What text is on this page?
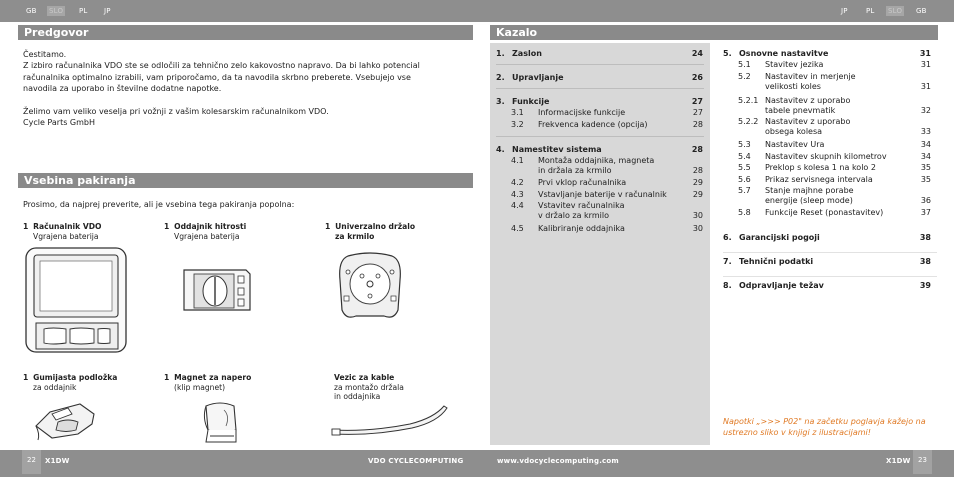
GB SLO PL JP	JP	PL SLO GB
Predgovor
Čestitamo.
Z izbiro računalnika VDO ste se odločili za tehnično zelo kakovostno napravo. Da bi lahko potencial
računalnika optimalno izrabili, vam priporočamo, da ta navodila skrbno preberete. Vsebujejo vse
navodila za uporabo in številne dodatne napotke.
Želimo vam veliko veselja pri vožnji z vašim kolesarskim računalnikom VDO.
Cycle Parts GmbH
Vsebina pakiranja
Prosimo, da najprej preverite, ali je vsebina tega pakiranja popolna:
1 Računalnik VDO
Vgrajena baterija
1 Oddajnik hitrosti
Vgrajena baterija
1 Univerzalno držalo
za krmilo
1 Gumijasta podložka
za oddajnik
1 Magnet za napero
(klip magnet)
Vezic za kable
za montažo držala
in oddajnika
22	X1DW	VDO CYCLECOMPUTING	www.vdocyclecomputing.com	X1DW	23
Kazalo
1. Zaslon	24
2. Upravljanje	26
3. Funkcije	27
3.1 Informacijske funkcije	27
3.2 Frekvenca kadence (opcija)	28
4. Namestitev sistema	28
4.1 Montaža oddajnika, magneta
in držala za krmilo	28
4.2 Prvi vklop računalnika	29
4.3 Vstavljanje baterije v računalnik	29
4.4 Vstavitev računalnika
v držalo za krmilo	30
4.5 Kalibriranje oddajnika	30
5. Osnovne nastavitve	31
5.1 Stavitev jezika	31
5.2 Nastavitev in merjenje
velikosti koles	31
5.2.1 Nastavitev z uporabo
tabele pnevmatik	32
5.2.2 Nastavitev z uporabo
obsega kolesa	33
5.3 Nastavitev Ura	34
5.4 Nastavitev skupnih kilometrov	34
5.5 Preklop s kolesa 1 na kolo 2	35
5.6 Prikaz servisnega intervala	35
5.7 Stanje majhne porabe
energije (sleep mode)	36
5.8 Funkcije Reset (ponastavitev)	37
6. Garancijski pogoji	38
7. Tehnični podatki	38
8. Odpravljanje težav	39
Napotki „>>> P02" na začetku poglavja kažejo na ustrezno sliko v knjigi z ilustracijami!
